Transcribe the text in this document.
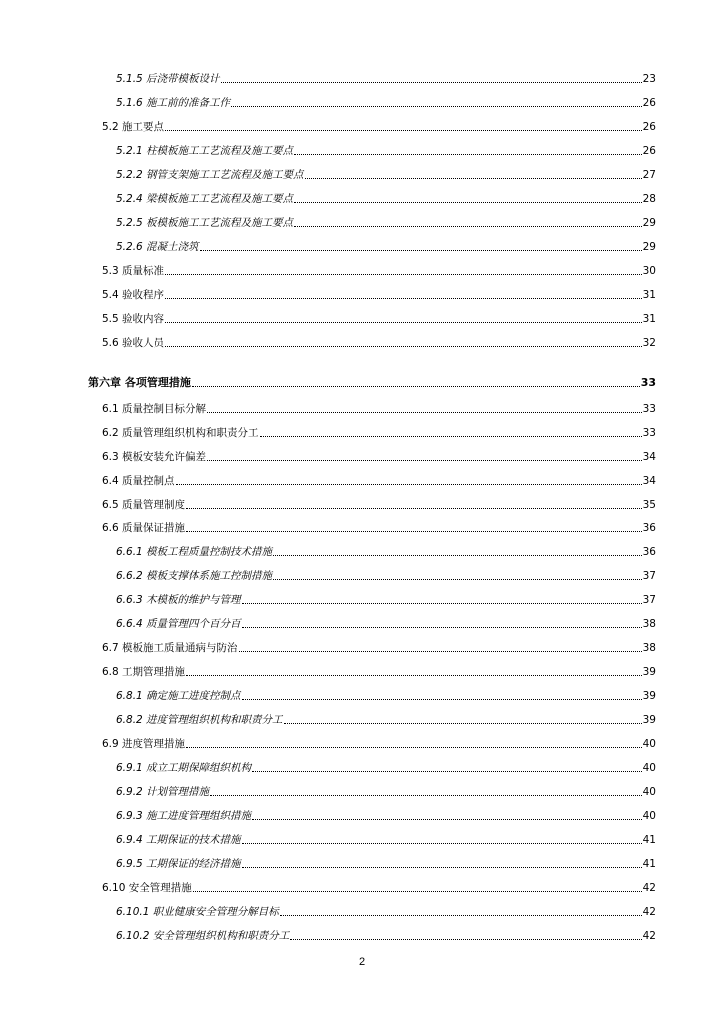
5.1.5 后浇带模板设计	23
5.1.6 施工前的准备工作	26
5.2 施工要点	26
5.2.1 柱模板施工工艺流程及施工要点	26
5.2.2 钢管支架施工工艺流程及施工要点	27
5.2.4 梁模板施工工艺流程及施工要点	28
5.2.5 板模板施工工艺流程及施工要点	29
5.2.6 混凝土浇筑	29
5.3 质量标准	30
5.4 验收程序	31
5.5 验收内容	31
5.6 验收人员	32
第六章 各项管理措施	33
6.1 质量控制目标分解	33
6.2 质量管理组织机构和职责分工	33
6.3 模板安装允许偏差	34
6.4 质量控制点	34
6.5 质量管理制度	35
6.6 质量保证措施	36
6.6.1 模板工程质量控制技术措施	36
6.6.2 模板支撑体系施工控制措施	37
6.6.3 木模板的维护与管理	37
6.6.4 质量管理四个百分百	38
6.7 模板施工质量通病与防治	38
6.8 工期管理措施	39
6.8.1 确定施工进度控制点	39
6.8.2 进度管理组织机构和职责分工	39
6.9 进度管理措施	40
6.9.1 成立工期保障组织机构	40
6.9.2 计划管理措施	40
6.9.3 施工进度管理组织措施	40
6.9.4 工期保证的技术措施	41
6.9.5 工期保证的经济措施	41
6.10 安全管理措施	42
6.10.1 职业健康安全管理分解目标	42
6.10.2 安全管理组织机构和职责分工	42
2
